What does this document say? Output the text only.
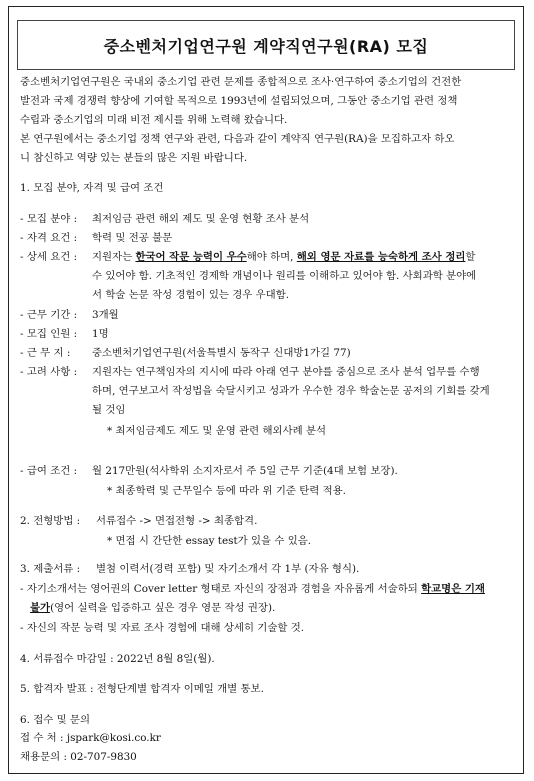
중소벤처기업연구원 계약직연구원(RA) 모집
중소벤처기업연구원은 국내외 중소기업 관련 문제를 종합적으로 조사·연구하여 중소기업의 건전한
발전과 국제 경쟁력 향상에 기여할 목적으로 1993년에 설립되었으며, 그동안 중소기업 관련 정책
수립과 중소기업의 미래 비전 제시를 위해 노력해 왔습니다.
본 연구원에서는 중소기업 정책 연구와 관련, 다음과 같이 계약직 연구원(RA)을 모집하고자 하오
니 참신하고 역량 있는 분들의 많은 지원 바랍니다.
1. 모집 분야, 자격 및 급여 조건
- 모집 분야 : 최저임금 관련 해외 제도 및 운영 현황 조사 분석
- 자격 요건 : 학력 및 전공 불문
- 상세 요건 : 지원자는 한국어 작문 능력이 우수해야 하며, 해외 영문 자료를 능숙하게 조사 정리할
수 있어야 함. 기초적인 경제학 개념이나 원리를 이해하고 있어야 함. 사회과학 분야에
서 학술 논문 작성 경험이 있는 경우 우대함.
- 근무 기간 : 3개월
- 모집 인원 : 1명
- 근 무 지 : 중소벤처기업연구원(서울특별시 동작구 신대방1가길 77)
- 고려 사항 : 지원자는 연구책임자의 지시에 따라 아래 연구 분야를 중심으로 조사 분석 업무를 수행
하며, 연구보고서 작성법을 숙달시키고 성과가 우수한 경우 학술논문 공저의 기회를 갖게
될 것임
* 최저임금제도 제도 및 운영 관련 해외사례 분석
- 급여 조건 : 월 217만원(석사학위 소지자로서 주 5일 근무 기준(4대 보험 보장).
* 최종학력 및 근무일수 등에 따라 위 기준 탄력 적용.
2. 전형방법 : 서류접수 -> 면접전형 -> 최종합격.
* 면접 시 간단한 essay test가 있을 수 있음.
3. 제출서류 : 별첨 이력서(경력 포함) 및 자기소개서 각 1부 (자유 형식).
- 자기소개서는 영어권의 Cover letter 형태로 자신의 장점과 경험을 자유롭게 서술하되 학교명은 기재
불가(영어 실력을 입증하고 싶은 경우 영문 작성 권장).
- 자신의 작문 능력 및 자료 조사 경험에 대해 상세히 기술할 것.
4. 서류접수 마감일 : 2022년 8월 8일(월).
5. 합격자 발표 : 전형단계별 합격자 이메일 개별 통보.
6. 접수 및 문의
접 수 처 : jspark@kosi.co.kr
채용문의 : 02-707-9830
